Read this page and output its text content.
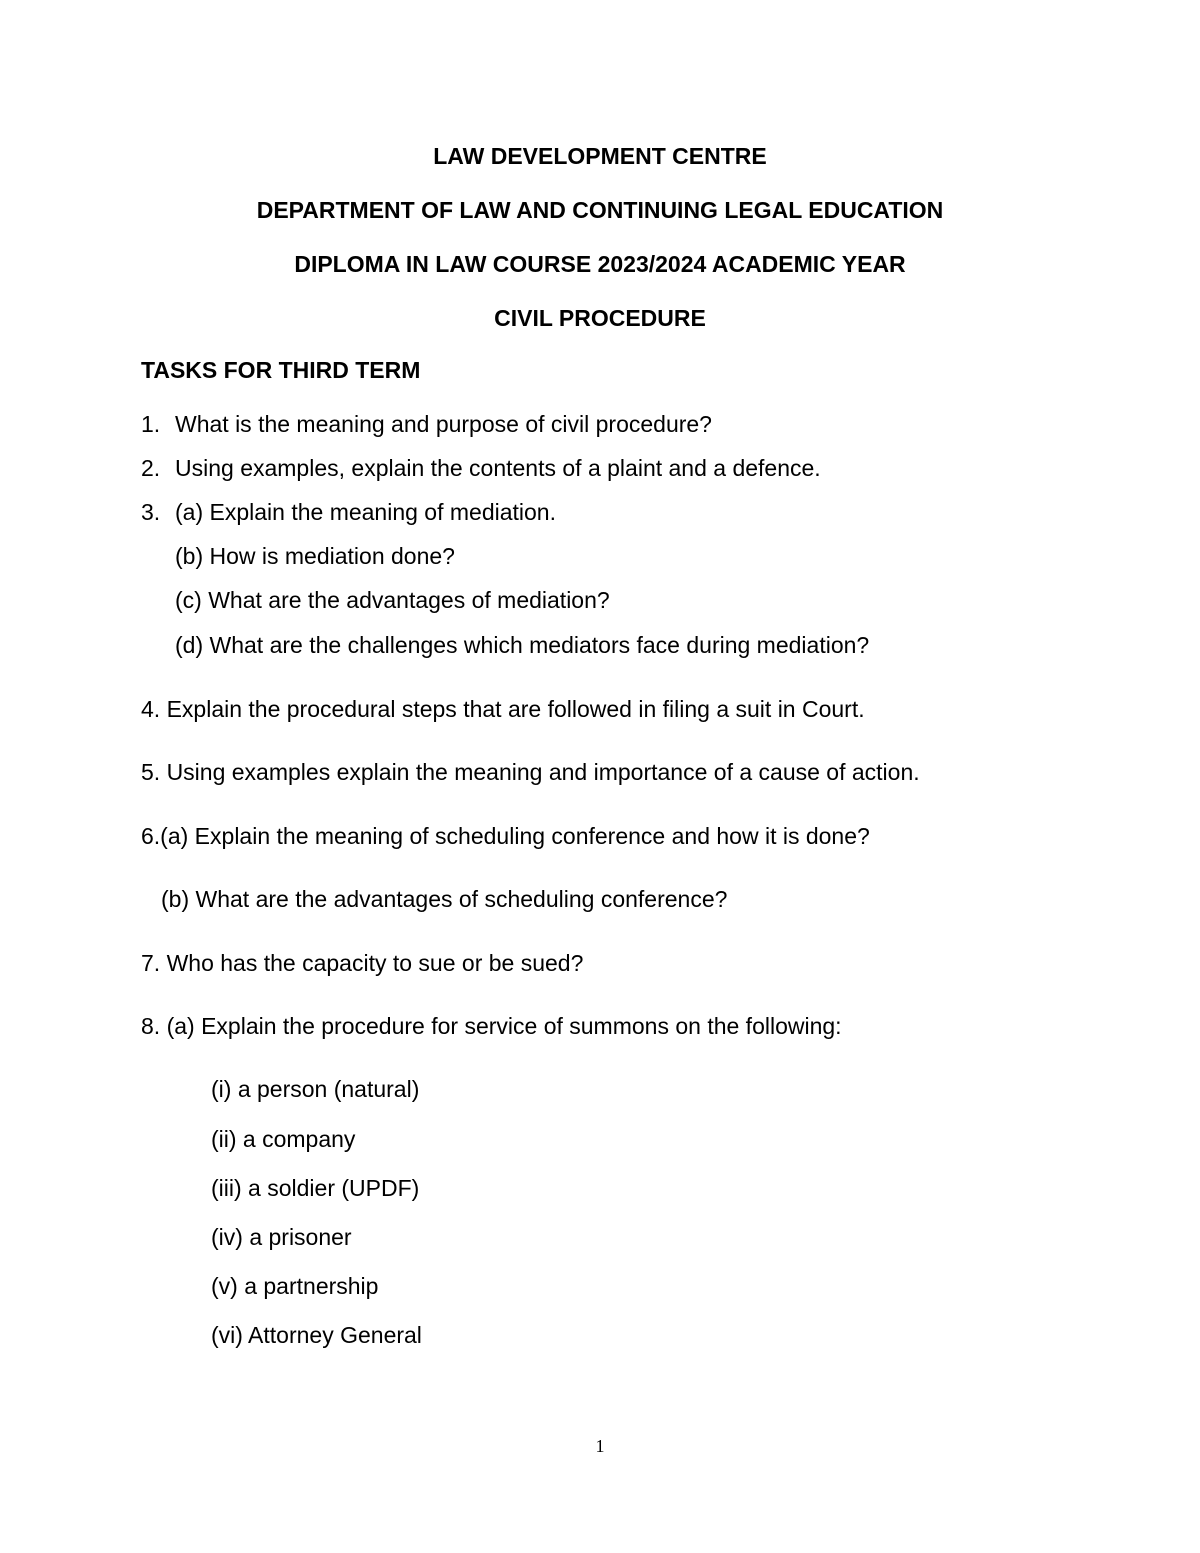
LAW DEVELOPMENT CENTRE
DEPARTMENT OF LAW AND CONTINUING LEGAL EDUCATION
DIPLOMA IN LAW COURSE 2023/2024 ACADEMIC YEAR
CIVIL PROCEDURE
TASKS FOR THIRD TERM
1. What is the meaning and purpose of civil procedure?
2. Using examples, explain the contents of a plaint and a defence.
3. (a) Explain the meaning of mediation.
(b) How is mediation done?
(c) What are the advantages of mediation?
(d) What are the challenges which mediators face during mediation?
4. Explain the procedural steps that are followed in filing a suit in Court.
5. Using examples explain the meaning and importance of a cause of action.
6.(a) Explain the meaning of scheduling conference and how it is done?
(b) What are the advantages of scheduling conference?
7. Who has the capacity to sue or be sued?
8. (a) Explain the procedure for service of summons on the following:
(i) a person (natural)
(ii) a company
(iii) a soldier (UPDF)
(iv) a prisoner
(v) a partnership
(vi) Attorney General
1
